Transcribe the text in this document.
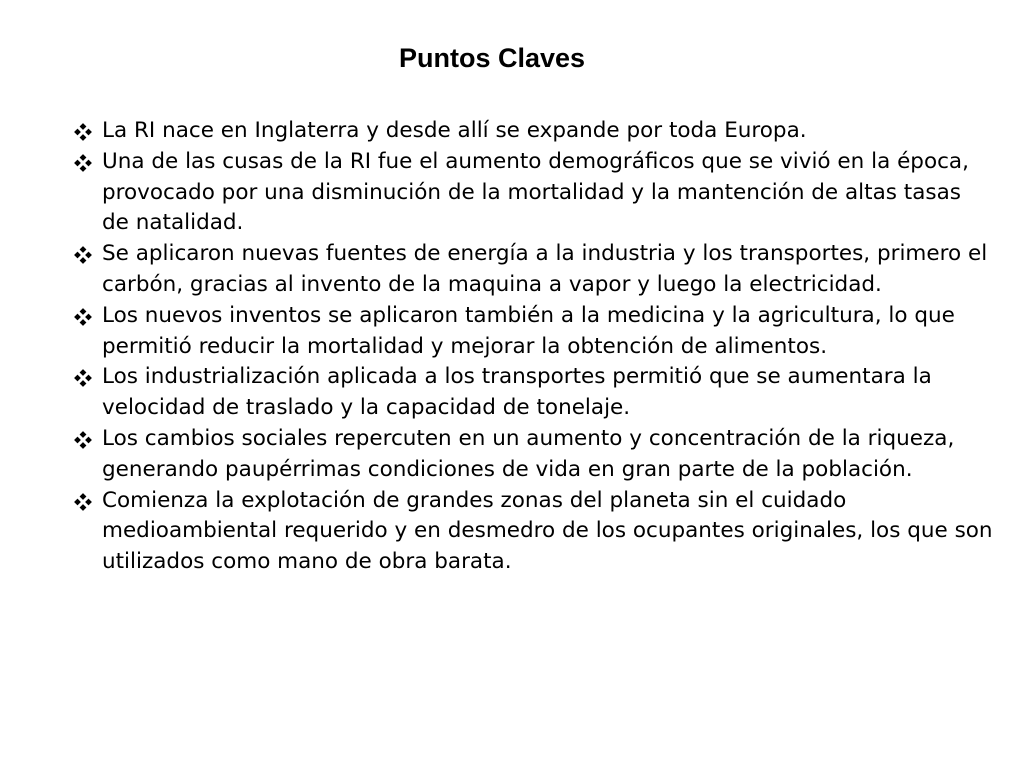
Puntos Claves
La RI nace en Inglaterra y desde allí se expande por toda Europa.
Una de las cusas de la RI fue el aumento demográficos que se vivió en la época, provocado por una disminución de la mortalidad y la mantención de altas tasas de natalidad.
Se aplicaron nuevas fuentes de energía a la industria y los transportes, primero el carbón, gracias al invento de la maquina a vapor y luego la electricidad.
Los nuevos inventos se aplicaron también a la medicina y la agricultura, lo que permitió reducir la mortalidad y mejorar la obtención de alimentos.
Los industrialización aplicada a los transportes permitió que se aumentara la velocidad de traslado y la capacidad de tonelaje.
Los cambios sociales repercuten en un aumento y concentración de la riqueza, generando paupérrimas condiciones de vida en gran parte de la población.
Comienza la explotación de grandes zonas del planeta sin el cuidado medioambiental requerido y en desmedro de los ocupantes originales, los que son utilizados como mano de obra barata.
